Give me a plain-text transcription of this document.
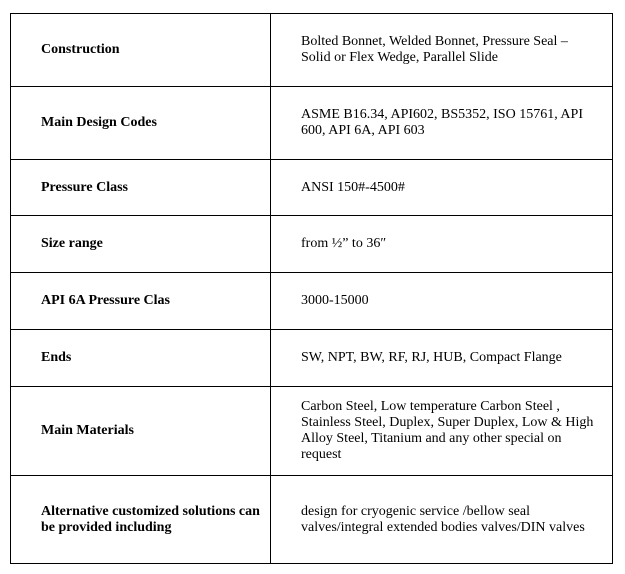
Construction	Bolted Bonnet, Welded Bonnet, Pressure Seal – Solid or Flex Wedge, Parallel Slide
Main Design Codes	ASME B16.34, API602, BS5352, ISO 15761, API 600, API 6A, API 603
Pressure Class	ANSI 150#-4500#
Size range	from ½” to 36″
API 6A Pressure Clas	3000-15000
Ends	SW, NPT, BW, RF, RJ, HUB, Compact Flange
Main Materials	Carbon Steel, Low temperature Carbon Steel , Stainless Steel, Duplex, Super Duplex, Low & High Alloy Steel, Titanium and any other special on request
Alternative customized solutions can be provided including	design for cryogenic service /bellow seal valves/integral extended bodies valves/DIN valves
